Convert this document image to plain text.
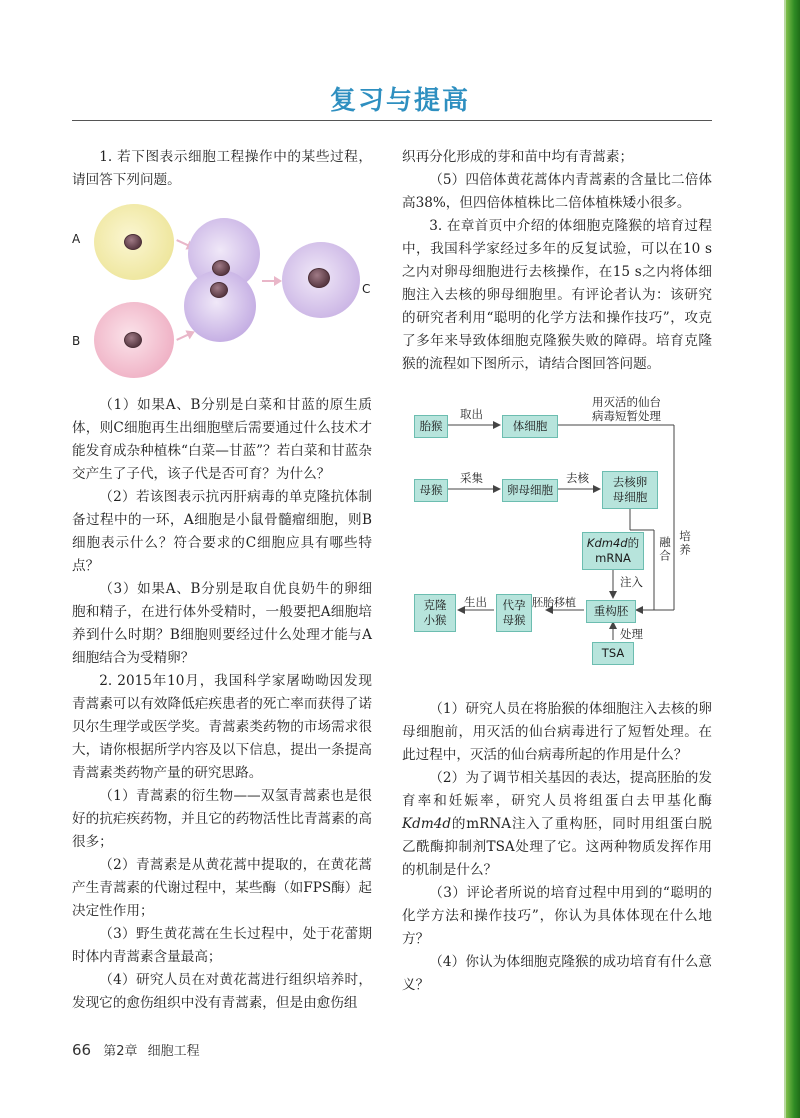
复习与提高

1. 若下图表示细胞工程操作中的某些过程，请回答下列问题。

A
B
C

（1）如果A、B分别是白菜和甘蓝的原生质体，则C细胞再生出细胞壁后需要通过什么技术才能发育成杂种植株“白菜—甘蓝”？若白菜和甘蓝杂交产生了子代，该子代是否可育？为什么？

（2）若该图表示抗丙肝病毒的单克隆抗体制备过程中的一环，A细胞是小鼠骨髓瘤细胞，则B细胞表示什么？符合要求的C细胞应具有哪些特点？

（3）如果A、B分别是取自优良奶牛的卵细胞和精子，在进行体外受精时，一般要把A细胞培养到什么时期？B细胞则要经过什么处理才能与A细胞结合为受精卵？

2. 2015年10月，我国科学家屠呦呦因发现青蒿素可以有效降低疟疾患者的死亡率而获得了诺贝尔生理学或医学奖。青蒿素类药物的市场需求很大，请你根据所学内容及以下信息，提出一条提高青蒿素类药物产量的研究思路。

（1）青蒿素的衍生物——双氢青蒿素也是很好的抗疟疾药物，并且它的药物活性比青蒿素的高很多；

（2）青蒿素是从黄花蒿中提取的，在黄花蒿产生青蒿素的代谢过程中，某些酶（如FPS酶）起决定性作用；

（3）野生黄花蒿在生长过程中，处于花蕾期时体内青蒿素含量最高；

（4）研究人员在对黄花蒿进行组织培养时，发现它的愈伤组织中没有青蒿素，但是由愈伤组

织再分化形成的芽和苗中均有青蒿素；

（5）四倍体黄花蒿体内青蒿素的含量比二倍体高38%，但四倍体植株比二倍体植株矮小很多。

3. 在章首页中介绍的体细胞克隆猴的培育过程中，我国科学家经过多年的反复试验，可以在10 s之内对卵母细胞进行去核操作，在15 s之内将体细胞注入去核的卵母细胞里。有评论者认为：该研究的研究者利用“聪明的化学方法和操作技巧”，攻克了多年来导致体细胞克隆猴失败的障碍。培育克隆猴的流程如下图所示，请结合图回答问题。

胎猴
取出
体细胞
用灭活的仙台
病毒短暂处理
母猴
采集
卵母细胞
去核	去核卵
母细胞
Kdm4d的
mRNA	融合 培养
注入
重构胚
胚胎移植
代孕
母猴
生出
克隆
小猴
处理
TSA

（1）研究人员在将胎猴的体细胞注入去核的卵母细胞前，用灭活的仙台病毒进行了短暂处理。在此过程中，灭活的仙台病毒所起的作用是什么？

（2）为了调节相关基因的表达，提高胚胎的发育率和妊娠率，研究人员将组蛋白去甲基化酶Kdm4d的mRNA注入了重构胚，同时用组蛋白脱乙酰酶抑制剂TSA处理了它。这两种物质发挥作用的机制是什么？

（3）评论者所说的培育过程中用到的“聪明的化学方法和操作技巧”，你认为具体体现在什么地方？

（4）你认为体细胞克隆猴的成功培育有什么意义？

66 第2章 细胞工程
